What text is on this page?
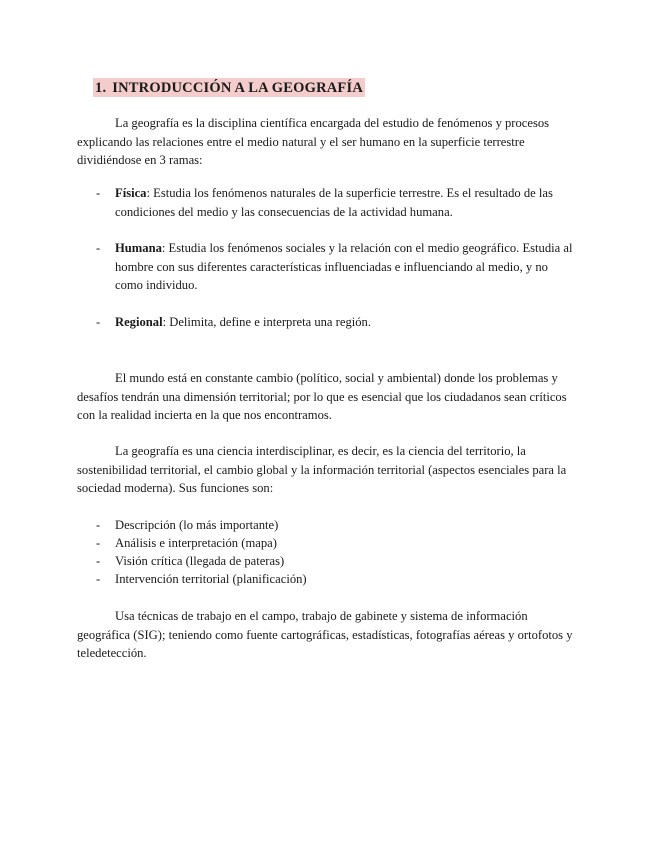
1. INTRODUCCIÓN A LA GEOGRAFÍA

La geografía es la disciplina científica encargada del estudio de fenómenos y procesos explicando las relaciones entre el medio natural y el ser humano en la superficie terrestre dividiéndose en 3 ramas:

- Física: Estudia los fenómenos naturales de la superficie terrestre. Es el resultado de las condiciones del medio y las consecuencias de la actividad humana.
- Humana: Estudia los fenómenos sociales y la relación con el medio geográfico. Estudia al hombre con sus diferentes características influenciadas e influenciando al medio, y no como individuo.
- Regional: Delimita, define e interpreta una región.

El mundo está en constante cambio (político, social y ambiental) donde los problemas y desafíos tendrán una dimensión territorial; por lo que es esencial que los ciudadanos sean críticos con la realidad incierta en la que nos encontramos.

La geografía es una ciencia interdisciplinar, es decir, es la ciencia del territorio, la sostenibilidad territorial, el cambio global y la información territorial (aspectos esenciales para la sociedad moderna). Sus funciones son:

- Descripción (lo más importante)
- Análisis e interpretación (mapa)
- Visión crítica (llegada de pateras)
- Intervención territorial (planificación)

Usa técnicas de trabajo en el campo, trabajo de gabinete y sistema de información geográfica (SIG); teniendo como fuente cartográficas, estadísticas, fotografías aéreas y ortofotos y teledetección.
